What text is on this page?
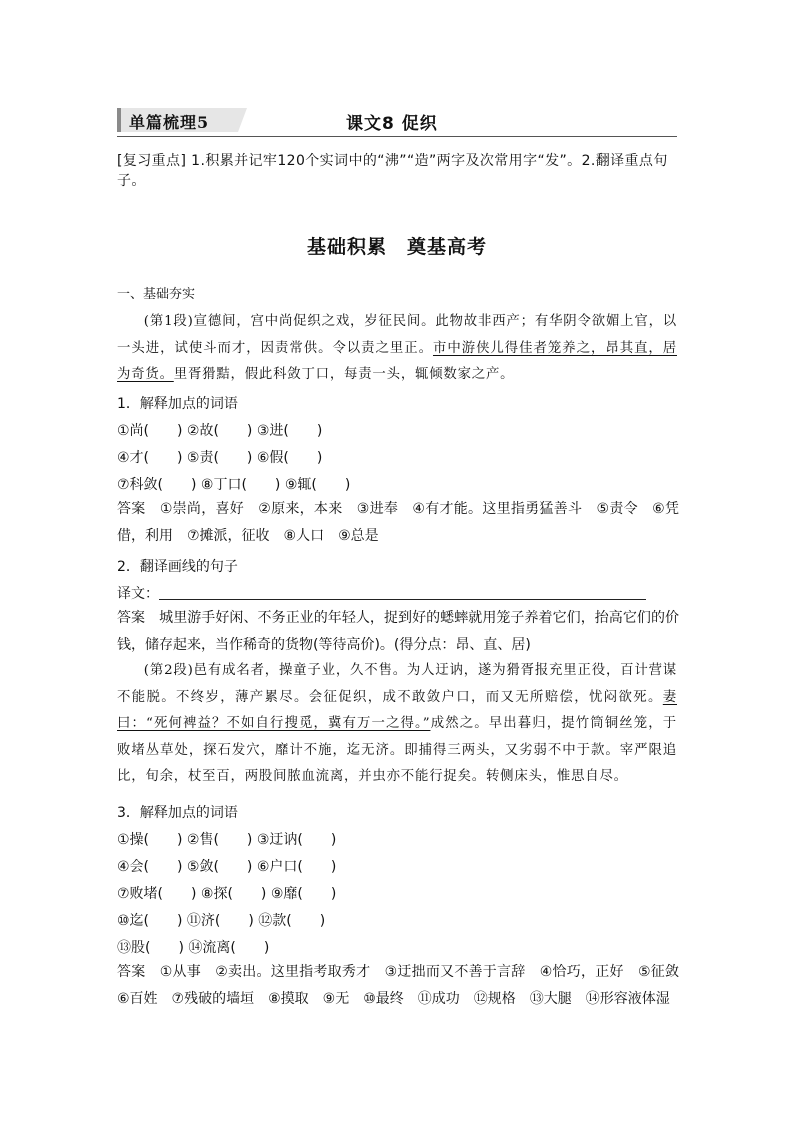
单篇梳理5	课文8 促织
[复习重点] 1.积累并记牢120个实词中的“沸”“造”两字及次常用字“发”。2.翻译重点句子。
基础积累　奠基高考
一、基础夯实

(第1段)宣德间，宫中尚促织之戏，岁征民间。此物故非西产；有华阴令欲媚上官，以一头进，试使斗而才，因责常供。令以责之里正。市中游侠儿得佳者笼养之，昂其直，居为奇货。里胥猾黠，假此科敛丁口，每责一头，辄倾数家之产。

1．解释加点的词语
①尚(　　) ②故(　　) ③进(　　)
④才(　　) ⑤责(　　) ⑥假(　　)
⑦科敛(　　) ⑧丁口(　　) ⑨辄(　　)
答案　①崇尚，喜好　②原来，本来　③进奉　④有才能。这里指勇猛善斗　⑤责令　⑥凭借，利用　⑦摊派，征收　⑧人口　⑨总是
2．翻译画线的句子
译文：
答案　城里游手好闲、不务正业的年轻人，捉到好的蟋蟀就用笼子养着它们，抬高它们的价钱，储存起来，当作稀奇的货物(等待高价)。(得分点：昂、直、居)

(第2段)邑有成名者，操童子业，久不售。为人迂讷，遂为猾胥报充里正役，百计营谋不能脱。不终岁，薄产累尽。会征促织，成不敢敛户口，而又无所赔偿，忧闷欲死。妻曰：“死何裨益？不如自行搜觅，冀有万一之得。”成然之。早出暮归，提竹筒铜丝笼，于败堵丛草处，探石发穴，靡计不施，迄无济。即捕得三两头，又劣弱不中于款。宰严限追比，旬余，杖至百，两股间脓血流离，并虫亦不能行捉矣。转侧床头，惟思自尽。

3．解释加点的词语
①操(　　) ②售(　　) ③迂讷(　　)
④会(　　) ⑤敛(　　) ⑥户口(　　)
⑦败堵(　　) ⑧探(　　) ⑨靡(　　)
⑩迄(　　) ⑪济(　　) ⑫款(　　)
⑬股(　　) ⑭流离(　　)
答案　①从事　②卖出。这里指考取秀才　③迂拙而又不善于言辞　④恰巧，正好　⑤征敛　⑥百姓　⑦残破的墙垣　⑧摸取　⑨无　⑩最终　⑪成功　⑫规格　⑬大腿　⑭形容液体湿
